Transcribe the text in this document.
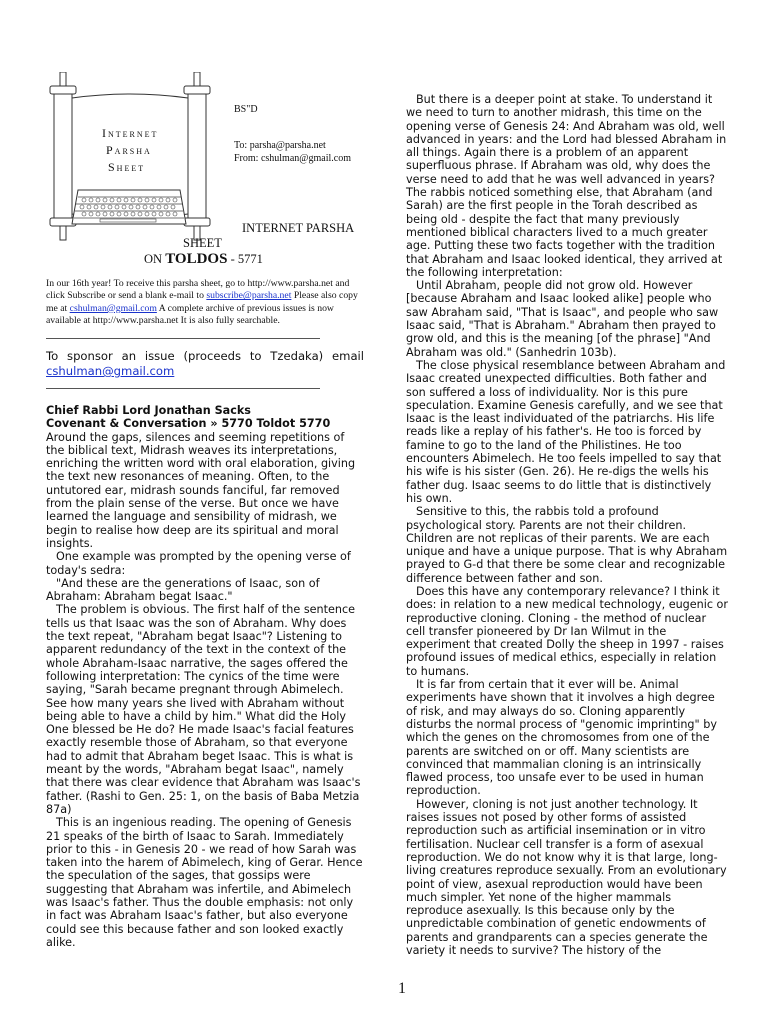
Internet
Parsha
Sheet
BS"D
To: parsha@parsha.net
From: cshulman@gmail.com
INTERNET PARSHA
SHEET
ON TOLDOS - 5771
In our 16th year! To receive this parsha sheet, go to http://www.parsha.net and click Subscribe or send a blank e-mail to subscribe@parsha.net Please also copy me at cshulman@gmail.com A complete archive of previous issues is now available at http://www.parsha.net It is also fully searchable.
To sponsor an issue (proceeds to Tzedaka) email cshulman@gmail.com

Chief Rabbi Lord Jonathan Sacks

Covenant & Conversation » 5770 Toldot 5770

Around the gaps, silences and seeming repetitions of the biblical text, Midrash weaves its interpretations, enriching the written word with oral elaboration, giving the text new resonances of meaning. Often, to the untutored ear, midrash sounds fanciful, far removed from the plain sense of the verse. But once we have learned the language and sensibility of midrash, we begin to realise how deep are its spiritual and moral insights.

One example was prompted by the opening verse of today's sedra:

"And these are the generations of Isaac, son of Abraham: Abraham begat Isaac."

The problem is obvious. The first half of the sentence tells us that Isaac was the son of Abraham. Why does the text repeat, "Abraham begat Isaac"? Listening to apparent redundancy of the text in the context of the whole Abraham-Isaac narrative, the sages offered the following interpretation: The cynics of the time were saying, "Sarah became pregnant through Abimelech. See how many years she lived with Abraham without being able to have a child by him." What did the Holy One blessed be He do? He made Isaac's facial features exactly resemble those of Abraham, so that everyone had to admit that Abraham beget Isaac. This is what is meant by the words, "Abraham begat Isaac", namely that there was clear evidence that Abraham was Isaac's father. (Rashi to Gen. 25: 1, on the basis of Baba Metzia 87a)

This is an ingenious reading. The opening of Genesis 21 speaks of the birth of Isaac to Sarah. Immediately prior to this - in Genesis 20 - we read of how Sarah was taken into the harem of Abimelech, king of Gerar. Hence the speculation of the sages, that gossips were suggesting that Abraham was infertile, and Abimelech was Isaac's father. Thus the double emphasis: not only in fact was Abraham Isaac's father, but also everyone could see this because father and son looked exactly alike.

But there is a deeper point at stake. To understand it we need to turn to another midrash, this time on the opening verse of Genesis 24: And Abraham was old, well advanced in years: and the Lord had blessed Abraham in all things. Again there is a problem of an apparent superfluous phrase. If Abraham was old, why does the verse need to add that he was well advanced in years? The rabbis noticed something else, that Abraham (and Sarah) are the first people in the Torah described as being old - despite the fact that many previously mentioned biblical characters lived to a much greater age. Putting these two facts together with the tradition that Abraham and Isaac looked identical, they arrived at the following interpretation:

Until Abraham, people did not grow old. However [because Abraham and Isaac looked alike] people who saw Abraham said, "That is Isaac", and people who saw Isaac said, "That is Abraham." Abraham then prayed to grow old, and this is the meaning [of the phrase] "And Abraham was old." (Sanhedrin 103b).

The close physical resemblance between Abraham and Isaac created unexpected difficulties. Both father and son suffered a loss of individuality. Nor is this pure speculation. Examine Genesis carefully, and we see that Isaac is the least individuated of the patriarchs. His life reads like a replay of his father's. He too is forced by famine to go to the land of the Philistines. He too encounters Abimelech. He too feels impelled to say that his wife is his sister (Gen. 26). He re-digs the wells his father dug. Isaac seems to do little that is distinctively his own.

Sensitive to this, the rabbis told a profound psychological story. Parents are not their children. Children are not replicas of their parents. We are each unique and have a unique purpose. That is why Abraham prayed to G-d that there be some clear and recognizable difference between father and son.

Does this have any contemporary relevance? I think it does: in relation to a new medical technology, eugenic or reproductive cloning. Cloning - the method of nuclear cell transfer pioneered by Dr Ian Wilmut in the experiment that created Dolly the sheep in 1997 - raises profound issues of medical ethics, especially in relation to humans.

It is far from certain that it ever will be. Animal experiments have shown that it involves a high degree of risk, and may always do so. Cloning apparently disturbs the normal process of "genomic imprinting" by which the genes on the chromosomes from one of the parents are switched on or off. Many scientists are convinced that mammalian cloning is an intrinsically flawed process, too unsafe ever to be used in human reproduction.

However, cloning is not just another technology. It raises issues not posed by other forms of assisted reproduction such as artificial insemination or in vitro fertilisation. Nuclear cell transfer is a form of asexual reproduction. We do not know why it is that large, long-living creatures reproduce sexually. From an evolutionary point of view, asexual reproduction would have been much simpler. Yet none of the higher mammals reproduce asexually. Is this because only by the unpredictable combination of genetic endowments of parents and grandparents can a species generate the variety it needs to survive? The history of the

1
